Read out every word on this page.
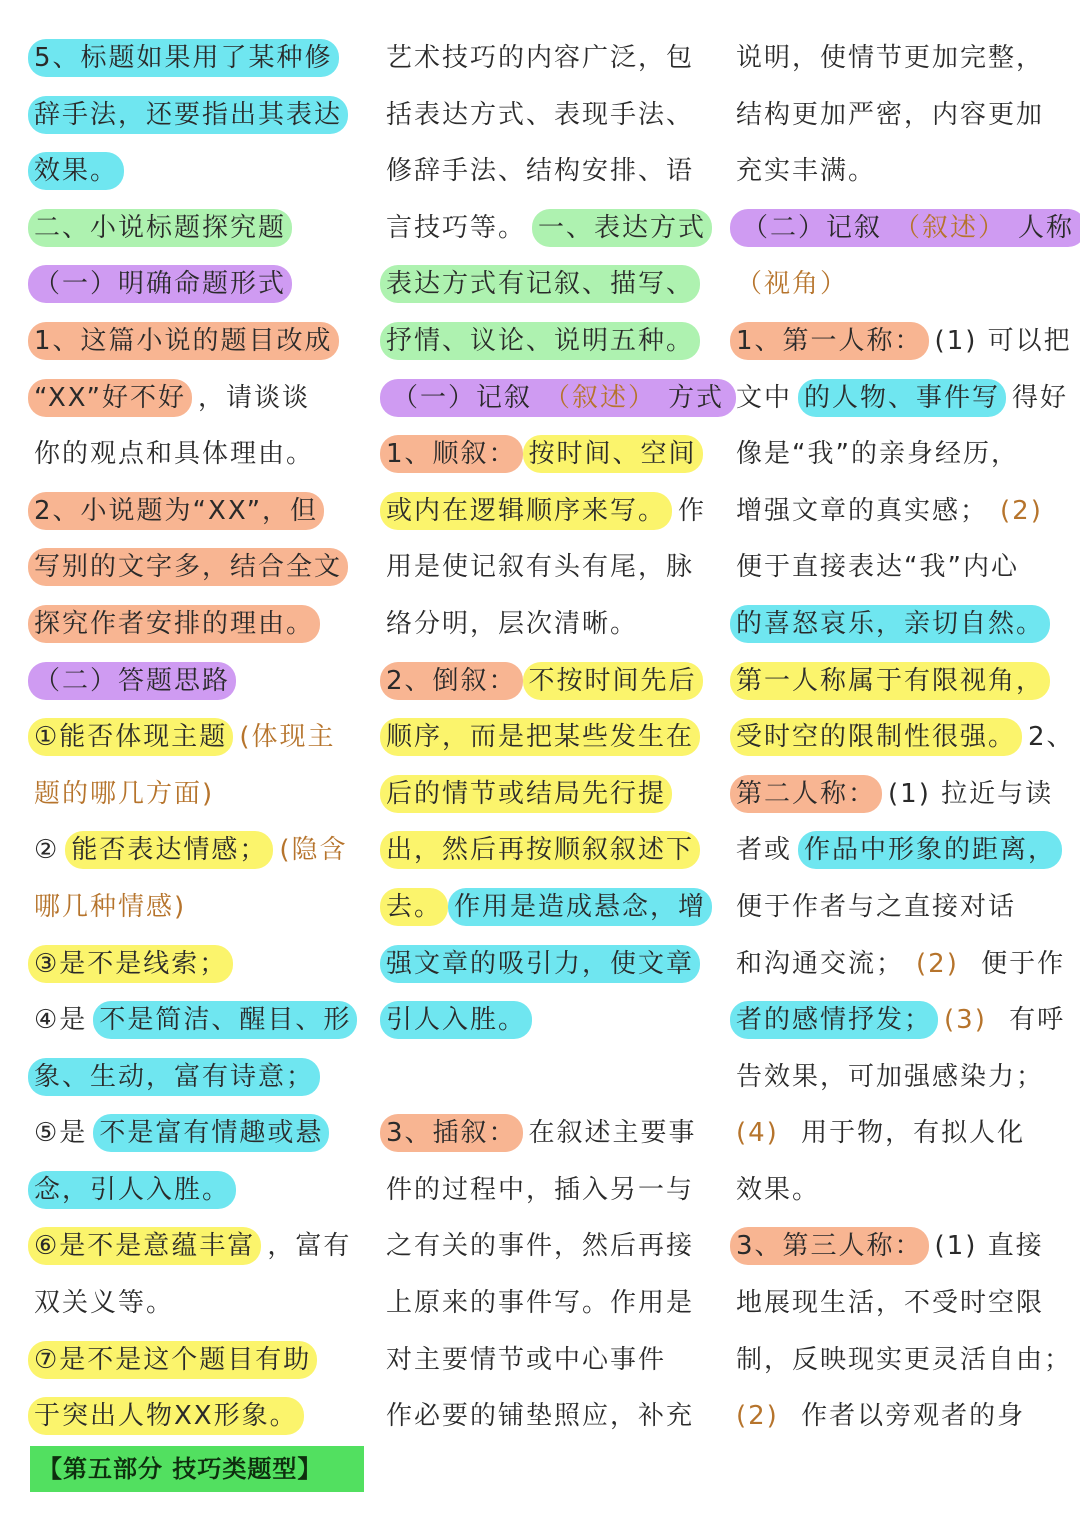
5、标题如果用了某种修
辞手法，还要指出其表达
效果。
二、小说标题探究题
（一）明确命题形式
1、这篇小说的题目改成
“XX”好不好 ，请谈谈
你的观点和具体理由。
2、小说题为“XX”，但
写别的文字多，结合全文
探究作者安排的理由。
（二）答题思路
①能否体现主题 (体现主
题的哪几方面)
② 能否表达情感； (隐含
哪几种情感)
③是不是线索；
④是 不是简洁、醒目、形
象、生动，富有诗意；
⑤是 不是富有情趣或悬
念，引人入胜。
⑥是不是意蕴丰富 ，富有
双关义等。
⑦是不是这个题目有助
于突出人物XX形象。
艺术技巧的内容广泛，包
括表达方式、表现手法、
修辞手法、结构安排、语
言技巧等。 一、表达方式
表达方式有记叙、描写、
抒情、议论、说明五种。
（一）记叙 （叙述） 方式
1、顺叙： 按时间、空间
或内在逻辑顺序来写。 作
用是使记叙有头有尾，脉
络分明，层次清晰。
2、倒叙： 不按时间先后
顺序，而是把某些发生在
后的情节或结局先行提
出，然后再按顺叙叙述下
去。 作用是造成悬念，增
强文章的吸引力，使文章
引人入胜。
3、插叙： 在叙述主要事
件的过程中，插入另一与
之有关的事件，然后再接
上原来的事件写。作用是
对主要情节或中心事件
作必要的铺垫照应，补充
说明，使情节更加完整，
结构更加严密，内容更加
充实丰满。
（二）记叙 （叙述） 人称
（视角）
1、第一人称： (1) 可以把
文中 的人物、事件写 得好
像是“我”的亲身经历，
增强文章的真实感； (2)
便于直接表达“我”内心
的喜怒哀乐，亲切自然。
第一人称属于有限视角，
受时空的限制性很强。 2、
第二人称： (1) 拉近与读
者或 作品中形象的距离，
便于作者与之直接对话
和沟通交流； (2) 便于作
者的感情抒发； (3) 有呼
告效果，可加强感染力；
(4) 用于物，有拟人化
效果。
3、第三人称： (1) 直接
地展现生活，不受时空限
制，反映现实更灵活自由；
(2) 作者以旁观者的身
【第五部分 技巧类题型】
